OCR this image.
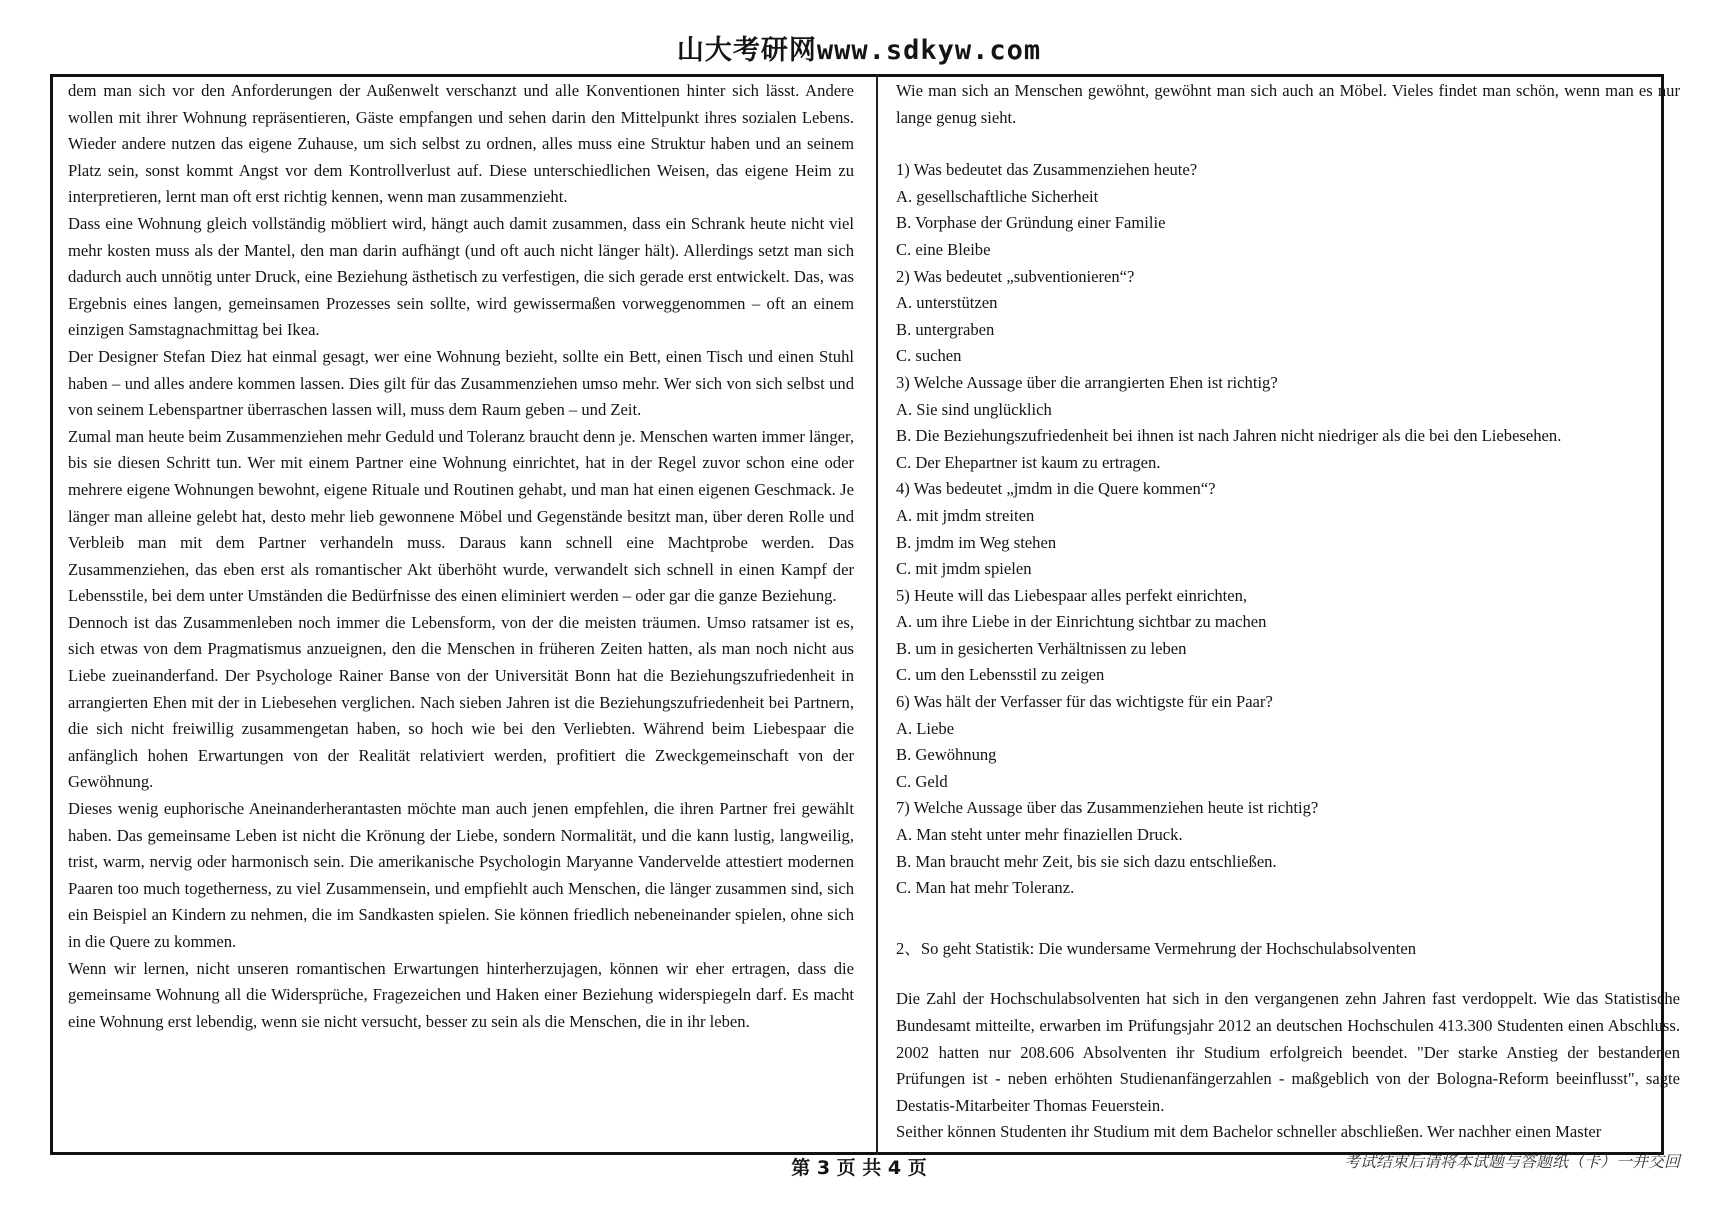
山大考研网www.sdkyw.com

dem man sich vor den Anforderungen der Außenwelt verschanzt und alle Konventionen hinter sich lässt. Andere wollen mit ihrer Wohnung repräsentieren, Gäste empfangen und sehen darin den Mittelpunkt ihres sozialen Lebens. Wieder andere nutzen das eigene Zuhause, um sich selbst zu ordnen, alles muss eine Struktur haben und an seinem Platz sein, sonst kommt Angst vor dem Kontrollverlust auf. Diese unterschiedlichen Weisen, das eigene Heim zu interpretieren, lernt man oft erst richtig kennen, wenn man zusammenzieht.

Dass eine Wohnung gleich vollständig möbliert wird, hängt auch damit zusammen, dass ein Schrank heute nicht viel mehr kosten muss als der Mantel, den man darin aufhängt (und oft auch nicht länger hält). Allerdings setzt man sich dadurch auch unnötig unter Druck, eine Beziehung ästhetisch zu verfestigen, die sich gerade erst entwickelt. Das, was Ergebnis eines langen, gemeinsamen Prozesses sein sollte, wird gewissermaßen vorweggenommen – oft an einem einzigen Samstagnachmittag bei Ikea.

Der Designer Stefan Diez hat einmal gesagt, wer eine Wohnung bezieht, sollte ein Bett, einen Tisch und einen Stuhl haben – und alles andere kommen lassen. Dies gilt für das Zusammenziehen umso mehr. Wer sich von sich selbst und von seinem Lebenspartner überraschen lassen will, muss dem Raum geben – und Zeit.

Zumal man heute beim Zusammenziehen mehr Geduld und Toleranz braucht denn je. Menschen warten immer länger, bis sie diesen Schritt tun. Wer mit einem Partner eine Wohnung einrichtet, hat in der Regel zuvor schon eine oder mehrere eigene Wohnungen bewohnt, eigene Rituale und Routinen gehabt, und man hat einen eigenen Geschmack. Je länger man alleine gelebt hat, desto mehr lieb gewonnene Möbel und Gegenstände besitzt man, über deren Rolle und Verbleib man mit dem Partner verhandeln muss. Daraus kann schnell eine Machtprobe werden. Das Zusammenziehen, das eben erst als romantischer Akt überhöht wurde, verwandelt sich schnell in einen Kampf der Lebensstile, bei dem unter Umständen die Bedürfnisse des einen eliminiert werden – oder gar die ganze Beziehung.

Dennoch ist das Zusammenleben noch immer die Lebensform, von der die meisten träumen. Umso ratsamer ist es, sich etwas von dem Pragmatismus anzueignen, den die Menschen in früheren Zeiten hatten, als man noch nicht aus Liebe zueinanderfand. Der Psychologe Rainer Banse von der Universität Bonn hat die Beziehungszufriedenheit in arrangierten Ehen mit der in Liebesehen verglichen. Nach sieben Jahren ist die Beziehungszufriedenheit bei Partnern, die sich nicht freiwillig zusammengetan haben, so hoch wie bei den Verliebten. Während beim Liebespaar die anfänglich hohen Erwartungen von der Realität relativiert werden, profitiert die Zweckgemeinschaft von der Gewöhnung.

Dieses wenig euphorische Aneinanderherantasten möchte man auch jenen empfehlen, die ihren Partner frei gewählt haben. Das gemeinsame Leben ist nicht die Krönung der Liebe, sondern Normalität, und die kann lustig, langweilig, trist, warm, nervig oder harmonisch sein. Die amerikanische Psychologin Maryanne Vandervelde attestiert modernen Paaren too much togetherness, zu viel Zusammensein, und empfiehlt auch Menschen, die länger zusammen sind, sich ein Beispiel an Kindern zu nehmen, die im Sandkasten spielen. Sie können friedlich nebeneinander spielen, ohne sich in die Quere zu kommen.

Wenn wir lernen, nicht unseren romantischen Erwartungen hinterherzujagen, können wir eher ertragen, dass die gemeinsame Wohnung all die Widersprüche, Fragezeichen und Haken einer Beziehung widerspiegeln darf. Es macht eine Wohnung erst lebendig, wenn sie nicht versucht, besser zu sein als die Menschen, die in ihr leben.

Wie man sich an Menschen gewöhnt, gewöhnt man sich auch an Möbel. Vieles findet man schön, wenn man es nur lange genug sieht.

1) Was bedeutet das Zusammenziehen heute?

A. gesellschaftliche Sicherheit

B. Vorphase der Gründung einer Familie

C. eine Bleibe

2) Was bedeutet „subventionieren“?

A. unterstützen

B. untergraben

C. suchen

3) Welche Aussage über die arrangierten Ehen ist richtig?

A. Sie sind unglücklich

B. Die Beziehungszufriedenheit bei ihnen ist nach Jahren nicht niedriger als die bei den Liebesehen.

C. Der Ehepartner ist kaum zu ertragen.

4) Was bedeutet „jmdm in die Quere kommen“?

A. mit jmdm streiten

B. jmdm im Weg stehen

C. mit jmdm spielen

5) Heute will das Liebespaar alles perfekt einrichten,

A. um ihre Liebe in der Einrichtung sichtbar zu machen

B. um in gesicherten Verhältnissen zu leben

C. um den Lebensstil zu zeigen

6) Was hält der Verfasser für das wichtigste für ein Paar?

A. Liebe

B. Gewöhnung

C. Geld

7) Welche Aussage über das Zusammenziehen heute ist richtig?

A. Man steht unter mehr finaziellen Druck.

B. Man braucht mehr Zeit, bis sie sich dazu entschließen.

C. Man hat mehr Toleranz.

2、So geht Statistik: Die wundersame Vermehrung der Hochschulabsolventen

Die Zahl der Hochschulabsolventen hat sich in den vergangenen zehn Jahren fast verdoppelt. Wie das Statistische Bundesamt mitteilte, erwarben im Prüfungsjahr 2012 an deutschen Hochschulen 413.300 Studenten einen Abschluss. 2002 hatten nur 208.606 Absolventen ihr Studium erfolgreich beendet. "Der starke Anstieg der bestandenen Prüfungen ist - neben erhöhten Studienanfängerzahlen - maßgeblich von der Bologna-Reform beeinflusst", sagte Destatis-Mitarbeiter Thomas Feuerstein.

Seither können Studenten ihr Studium mit dem Bachelor schneller abschließen. Wer nachher einen Master

第 3 页 共 4 页	考试结束后请将本试题与答题纸（卡）一并交回
